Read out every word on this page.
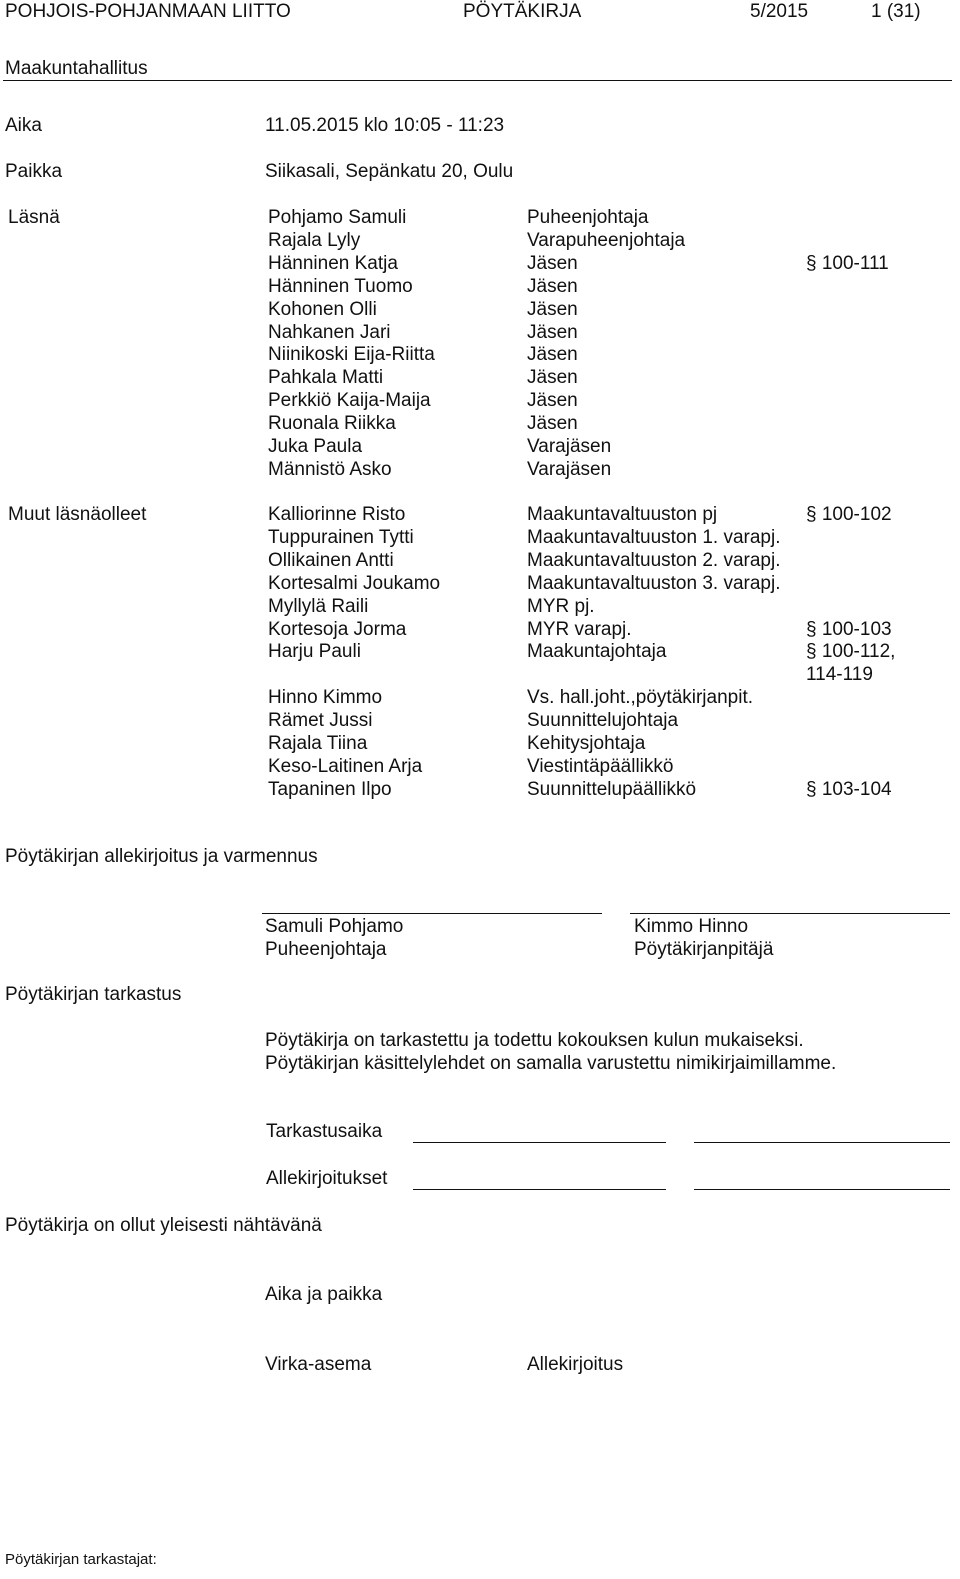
POHJOIS-POHJANMAAN LIITTO	PÖYTÄKIRJA	5/2015	1 (31)
Maakuntahallitus
Aika	11.05.2015 klo 10:05 - 11:23
Paikka	Siikasali, Sepänkatu 20, Oulu
Läsnä	Pohjamo Samuli	Puheenjohtaja
Rajala Lyly	Varapuheenjohtaja
Hänninen Katja	Jäsen	§ 100-111
Hänninen Tuomo	Jäsen
Kohonen Olli	Jäsen
Nahkanen Jari	Jäsen
Niinikoski Eija-Riitta	Jäsen
Pahkala Matti	Jäsen
Perkkiö Kaija-Maija	Jäsen
Ruonala Riikka	Jäsen
Juka Paula	Varajäsen
Männistö Asko	Varajäsen
Muut läsnäolleet	Kalliorinne Risto	Maakuntavaltuuston pj	§ 100-102
Tuppurainen Tytti	Maakuntavaltuuston 1. varapj.
Ollikainen Antti	Maakuntavaltuuston 2. varapj.
Kortesalmi Joukamo	Maakuntavaltuuston 3. varapj.
Myllylä Raili	MYR pj.
Kortesoja Jorma	MYR varapj.	§ 100-103
Harju Pauli	Maakuntajohtaja	§ 100-112,
114-119
Hinno Kimmo	Vs. hall.joht.,pöytäkirjanpit.
Rämet Jussi	Suunnittelujohtaja
Rajala Tiina	Kehitysjohtaja
Keso-Laitinen Arja	Viestintäpäällikkö
Tapaninen Ilpo	Suunnittelupäällikkö	§ 103-104
Pöytäkirjan allekirjoitus ja varmennus
Samuli Pohjamo
Puheenjohtaja
Kimmo Hinno
Pöytäkirjanpitäjä
Pöytäkirjan tarkastus
Pöytäkirja on tarkastettu ja todettu kokouksen kulun mukaiseksi.
Pöytäkirjan käsittelylehdet on samalla varustettu nimikirjaimillamme.
Tarkastusaika
Allekirjoitukset
Pöytäkirja on ollut yleisesti nähtävänä
Aika ja paikka
Virka-asema	Allekirjoitus
Pöytäkirjan tarkastajat:
